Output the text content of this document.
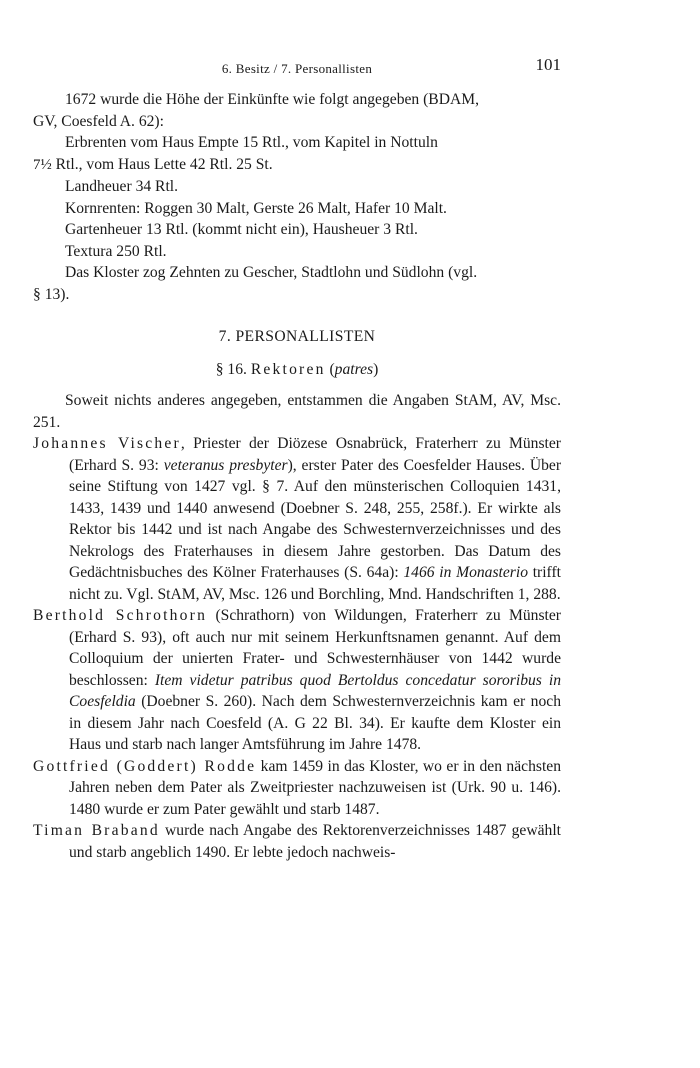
6. Besitz / 7. Personallisten	101

1672 wurde die Höhe der Einkünfte wie folgt angegeben (BDAM,
GV, Coesfeld A. 62):

Erbrenten vom Haus Empte 15 Rtl., vom Kapitel in Nottuln
7½ Rtl., vom Haus Lette 42 Rtl. 25 St.

Landheuer 34 Rtl.

Kornrenten: Roggen 30 Malt, Gerste 26 Malt, Hafer 10 Malt.

Gartenheuer 13 Rtl. (kommt nicht ein), Hausheuer 3 Rtl.

Textura 250 Rtl.

Das Kloster zog Zehnten zu Gescher, Stadtlohn und Südlohn (vgl.
§ 13).

7. PERSONALLISTEN
§ 16. Rektoren (patres)

Soweit nichts anderes angegeben, entstammen die Angaben StAM, AV, Msc. 251.

Johannes Vischer, Priester der Diözese Osnabrück, Fraterherr zu Münster (Erhard S. 93: veteranus presbyter), erster Pater des Coesfelder Hauses. Über seine Stiftung von 1427 vgl. § 7. Auf den münsterischen Colloquien 1431, 1433, 1439 und 1440 anwesend (Doebner S. 248, 255, 258f.). Er wirkte als Rektor bis 1442 und ist nach Angabe des Schwesternverzeichnisses und des Nekrologs des Fraterhauses in diesem Jahre gestorben. Das Datum des Gedächtnisbuches des Kölner Fraterhauses (S. 64a): 1466 in Monasterio trifft nicht zu. Vgl. StAM, AV, Msc. 126 und Borchling, Mnd. Handschriften 1, 288.

Berthold Schrothorn (Schrathorn) von Wildungen, Fraterherr zu Münster (Erhard S. 93), oft auch nur mit seinem Herkunftsnamen genannt. Auf dem Colloquium der unierten Frater- und Schwesternhäuser von 1442 wurde beschlossen: Item videtur patribus quod Bertoldus concedatur sororibus in Coesfeldia (Doebner S. 260). Nach dem Schwesternverzeichnis kam er noch in diesem Jahr nach Coesfeld (A. G 22 Bl. 34). Er kaufte dem Kloster ein Haus und starb nach langer Amtsführung im Jahre 1478.

Gottfried (Goddert) Rodde kam 1459 in das Kloster, wo er in den nächsten Jahren neben dem Pater als Zweitpriester nachzuweisen ist (Urk. 90 u. 146). 1480 wurde er zum Pater gewählt und starb 1487.

Timan Braband wurde nach Angabe des Rektorenverzeichnisses 1487 gewählt und starb angeblich 1490. Er lebte jedoch nachweis-
